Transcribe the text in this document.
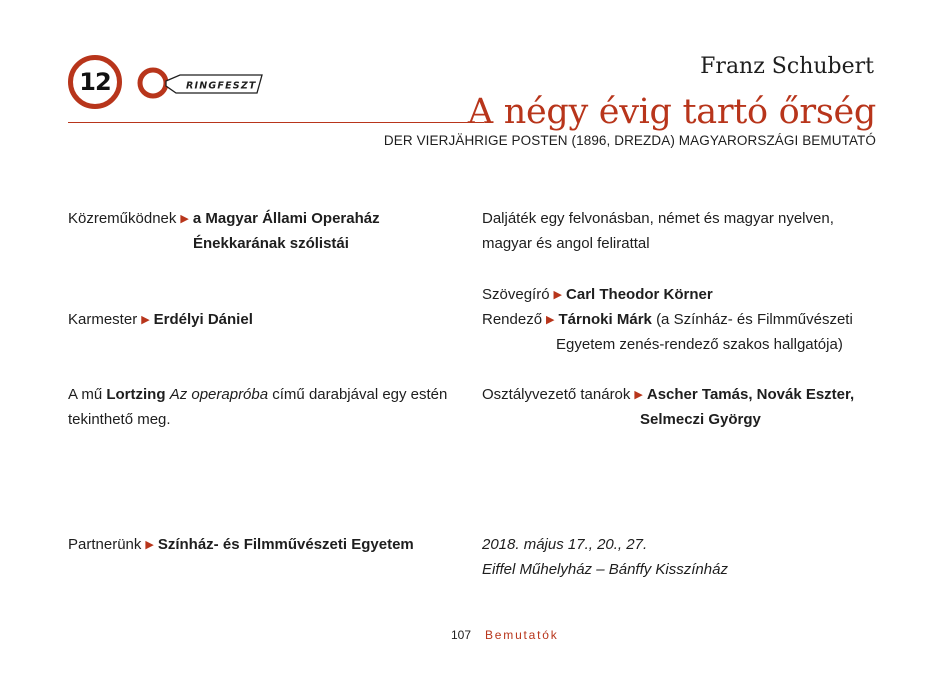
12	RINGFESZT
Franz Schubert
A négy évig tartó őrség
DER VIERJÄHRIGE POSTEN (1896, DREZDA) MAGYARORSZÁGI BEMUTATÓ
Közreműködnek ▶ a Magyar Állami Operaház
Énekkarának szólistái
Karmester ▶ Erdélyi Dániel
A mű Lortzing Az operapróba című darabjával egy estén
tekinthető meg.
Partnerünk ▶ Színház- és Filmművészeti Egyetem
Daljáték egy felvonásban, német és magyar nyelven,
magyar és angol felirattal
Szövegíró ▶ Carl Theodor Körner
Rendező ▶ Tárnoki Márk (a Színház- és Filmművészeti
Egyetem zenés-rendező szakos hallgatója)
Osztályvezető tanárok ▶ Ascher Tamás, Novák Eszter,
Selmeczi György
2018. május 17., 20., 27.
Eiffel Műhelyház – Bánffy Kisszínház
107 Bemutatók
